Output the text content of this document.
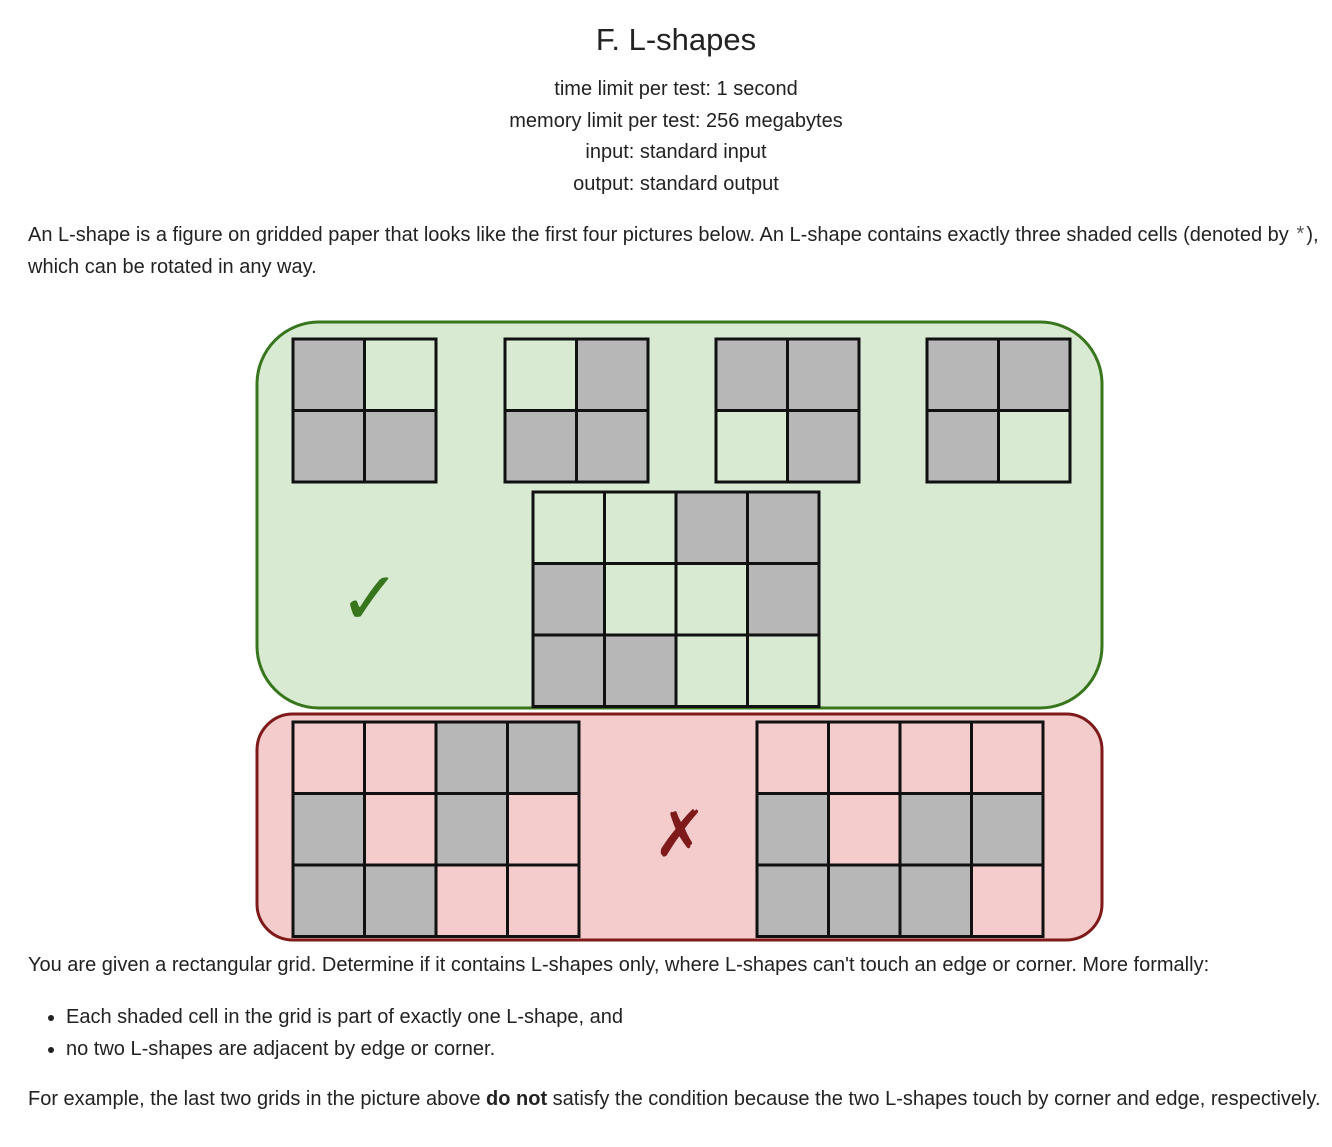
F. L-shapes
time limit per test: 1 second
memory limit per test: 256 megabytes
input: standard input
output: standard output
An L-shape is a figure on gridded paper that looks like the first four pictures below. An L-shape contains exactly three shaded cells (denoted by *), which can be rotated in any way.
✓
✗
You are given a rectangular grid. Determine if it contains L-shapes only, where L-shapes can't touch an edge or corner. More formally:
• Each shaded cell in the grid is part of exactly one L-shape, and
• no two L-shapes are adjacent by edge or corner.
For example, the last two grids in the picture above do not satisfy the condition because the two L-shapes touch by corner and edge, respectively.
